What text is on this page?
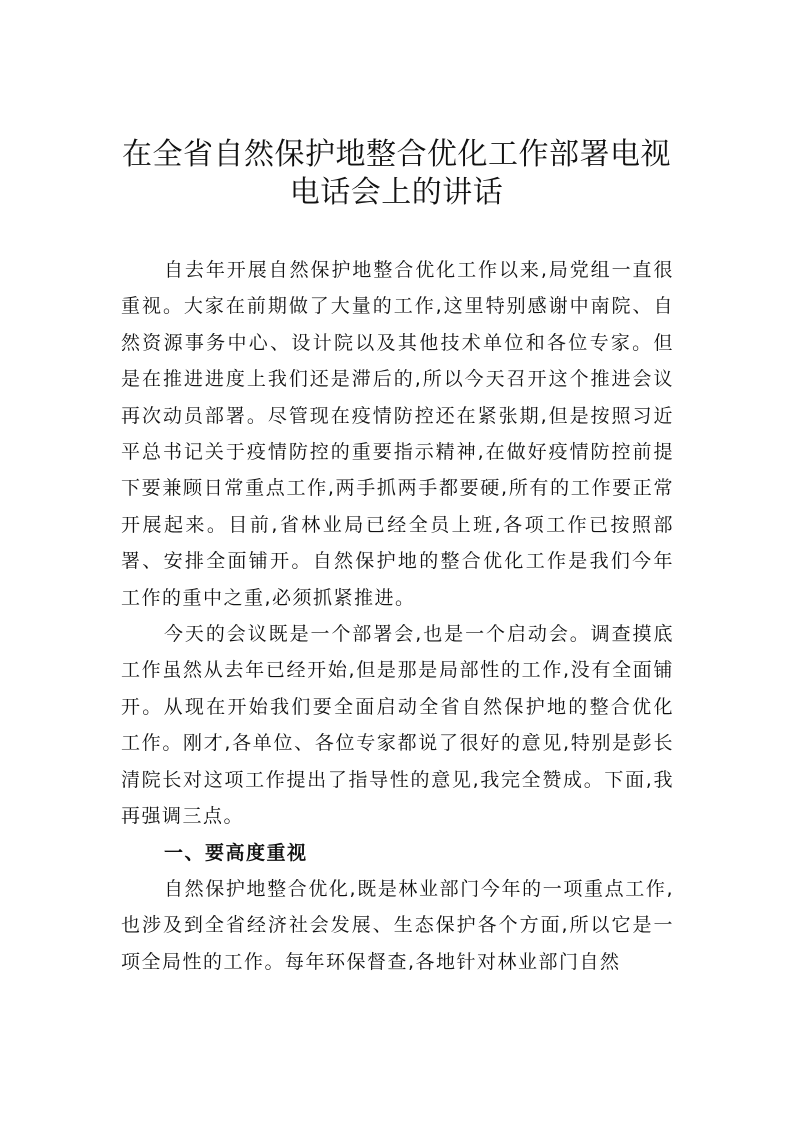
在全省自然保护地整合优化工作部署电视
电话会上的讲话

自去年开展自然保护地整合优化工作以来,局党组一直很重视。大家在前期做了大量的工作,这里特别感谢中南院、自然资源事务中心、设计院以及其他技术单位和各位专家。但是在推进进度上我们还是滞后的,所以今天召开这个推进会议再次动员部署。尽管现在疫情防控还在紧张期,但是按照习近平总书记关于疫情防控的重要指示精神,在做好疫情防控前提下要兼顾日常重点工作,两手抓两手都要硬,所有的工作要正常开展起来。目前,省林业局已经全员上班,各项工作已按照部署、安排全面铺开。自然保护地的整合优化工作是我们今年工作的重中之重,必须抓紧推进。

今天的会议既是一个部署会,也是一个启动会。调查摸底工作虽然从去年已经开始,但是那是局部性的工作,没有全面铺开。从现在开始我们要全面启动全省自然保护地的整合优化工作。刚才,各单位、各位专家都说了很好的意见,特别是彭长清院长对这项工作提出了指导性的意见,我完全赞成。下面,我再强调三点。

一、要高度重视

自然保护地整合优化,既是林业部门今年的一项重点工作,也涉及到全省经济社会发展、生态保护各个方面,所以它是一项全局性的工作。每年环保督查,各地针对林业部门自然
